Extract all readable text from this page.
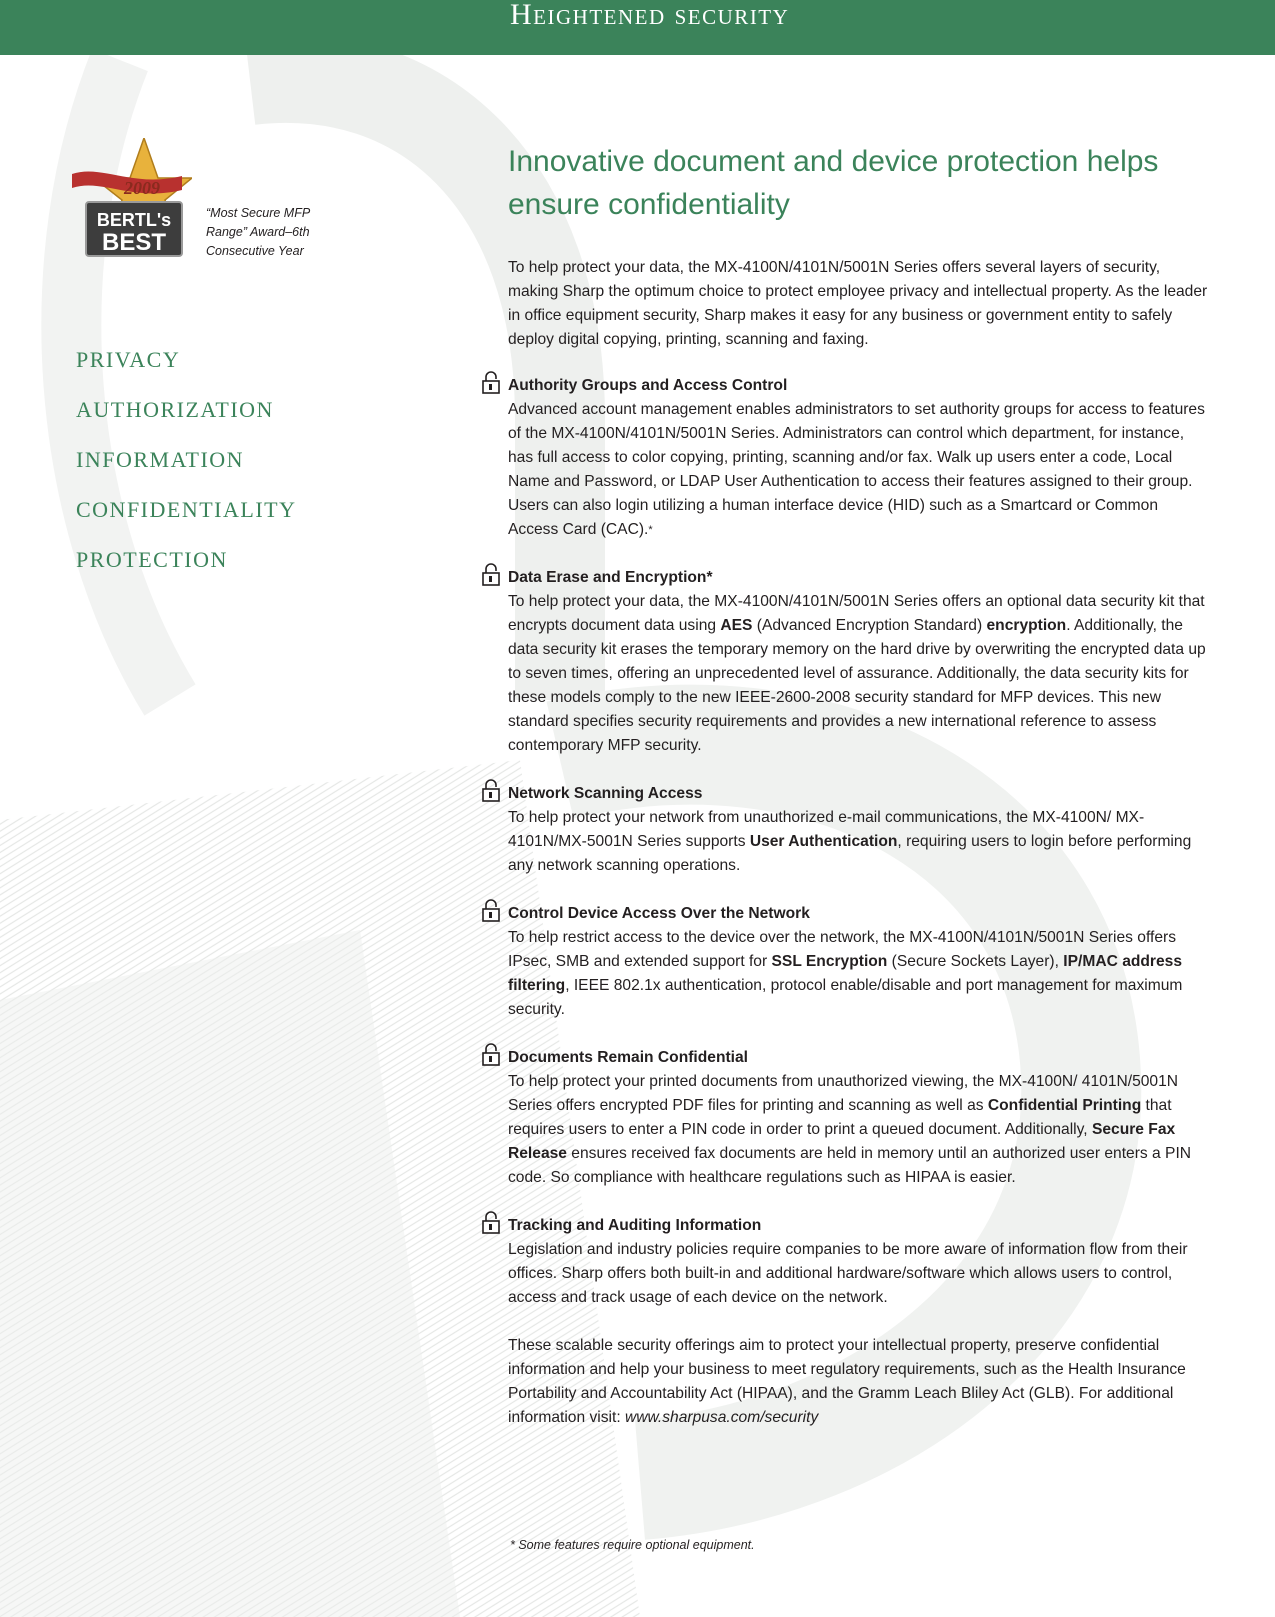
Heightened security
2009
BERTL's
BEST
“Most Secure MFP Range” Award–6th Consecutive Year
privacy
authorization
information
confidentiality
protection
Innovative document and device protection helps ensure confidentiality

To help protect your data, the MX-4100N/4101N/5001N Series offers several layers of security, making Sharp the optimum choice to protect employee privacy and intellectual property. As the leader in office equipment security, Sharp makes it easy for any business or government entity to safely deploy digital copying, printing, scanning and faxing.

Authority Groups and Access Control

Advanced account management enables administrators to set authority groups for access to features of the MX-4100N/4101N/5001N Series. Administrators can control which department, for instance, has full access to color copying, printing, scanning and/or fax. Walk up users enter a code, Local Name and Password, or LDAP User Authentication to access their features assigned to their group. Users can also login utilizing a human interface device (HID) such as a Smartcard or Common Access Card (CAC).*

Data Erase and Encryption*

To help protect your data, the MX-4100N/4101N/5001N Series offers an optional data security kit that encrypts document data using AES (Advanced Encryption Standard) encryption. Additionally, the data security kit erases the temporary memory on the hard drive by overwriting the encrypted data up to seven times, offering an unprecedented level of assurance. Additionally, the data security kits for these models comply to the new IEEE-2600-2008 security standard for MFP devices. This new standard specifies security requirements and provides a new international reference to assess contemporary MFP security.

Network Scanning Access

To help protect your network from unauthorized e-mail communications, the MX-4100N/ MX-4101N/MX-5001N Series supports User Authentication, requiring users to login before performing any network scanning operations.

Control Device Access Over the Network

To help restrict access to the device over the network, the MX-4100N/4101N/5001N Series offers IPsec, SMB and extended support for SSL Encryption (Secure Sockets Layer), IP/MAC address filtering, IEEE 802.1x authentication, protocol enable/disable and port management for maximum security.

Documents Remain Confidential

To help protect your printed documents from unauthorized viewing, the MX-4100N/ 4101N/5001N Series offers encrypted PDF files for printing and scanning as well as Confidential Printing that requires users to enter a PIN code in order to print a queued document. Additionally, Secure Fax Release ensures received fax documents are held in memory until an authorized user enters a PIN code. So compliance with healthcare regulations such as HIPAA is easier.

Tracking and Auditing Information

Legislation and industry policies require companies to be more aware of information flow from their offices. Sharp offers both built-in and additional hardware/software which allows users to control, access and track usage of each device on the network.

These scalable security offerings aim to protect your intellectual property, preserve confidential information and help your business to meet regulatory requirements, such as the Health Insurance Portability and Accountability Act (HIPAA), and the Gramm Leach Bliley Act (GLB). For additional information visit: www.sharpusa.com/security

* Some features require optional equipment.
